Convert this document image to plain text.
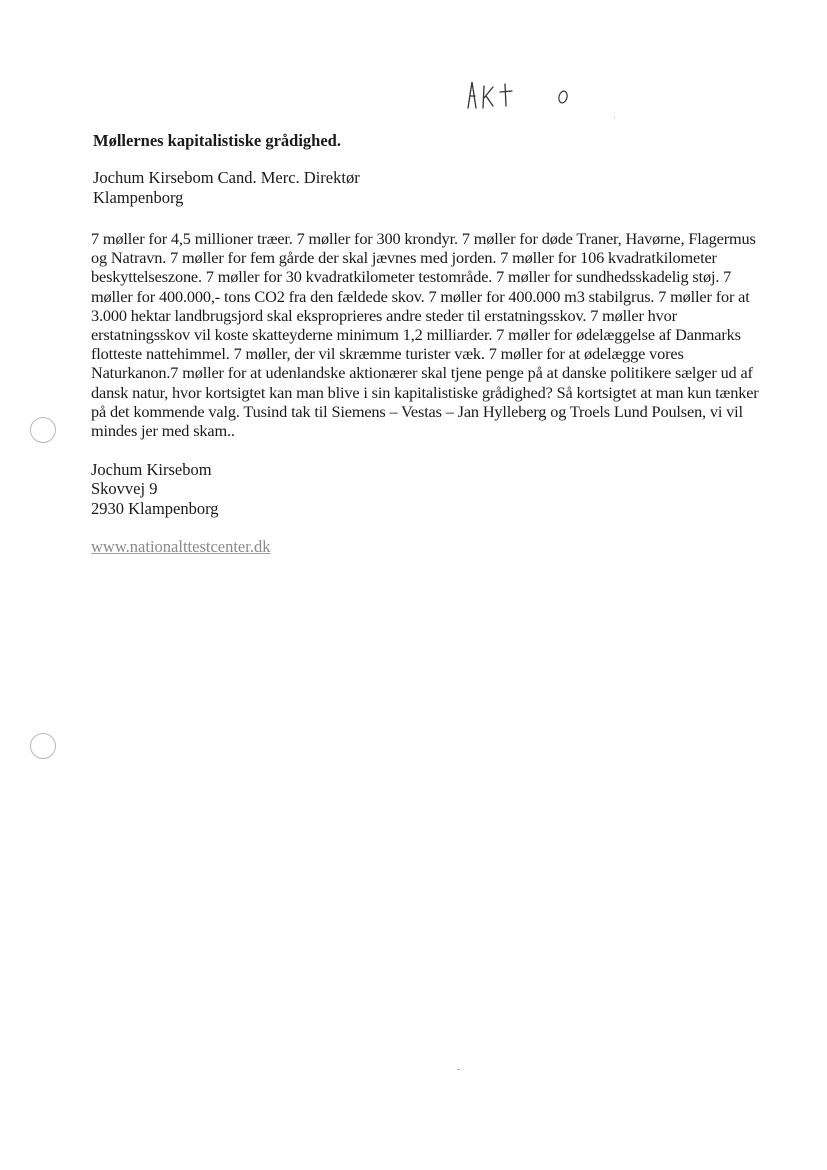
Møllernes kapitalistiske grådighed.
Jochum Kirsebom Cand. Merc. Direktør
Klampenborg

7 møller for 4,5 millioner træer. 7 møller for 300 krondyr. 7 møller for døde Traner, Havørne, Flagermus og Natravn. 7 møller for fem gårde der skal jævnes med jorden. 7 møller for 106 kvadratkilometer beskyttelseszone. 7 møller for 30 kvadratkilometer testområde. 7 møller for sundhedsskadelig støj. 7 møller for 400.000,- tons CO2 fra den fældede skov. 7 møller for 400.000 m3 stabilgrus. 7 møller for at 3.000 hektar landbrugsjord skal eksproprieres andre steder til erstatningsskov. 7 møller hvor erstatningsskov vil koste skatteyderne minimum 1,2 milliarder. 7 møller for ødelæggelse af Danmarks flotteste nattehimmel. 7 møller, der vil skræmme turister væk. 7 møller for at ødelægge vores Naturkanon.7 møller for at udenlandske aktionærer skal tjene penge på at danske politikere sælger ud af dansk natur, hvor kortsigtet kan man blive i sin kapitalistiske grådighed? Så kortsigtet at man kun tænker på det kommende valg. Tusind tak til Siemens – Vestas – Jan Hylleberg og Troels Lund Poulsen, vi vil mindes jer med skam..

Jochum Kirsebom
Skovvej 9
2930 Klampenborg
www.nationalttestcenter.dk
